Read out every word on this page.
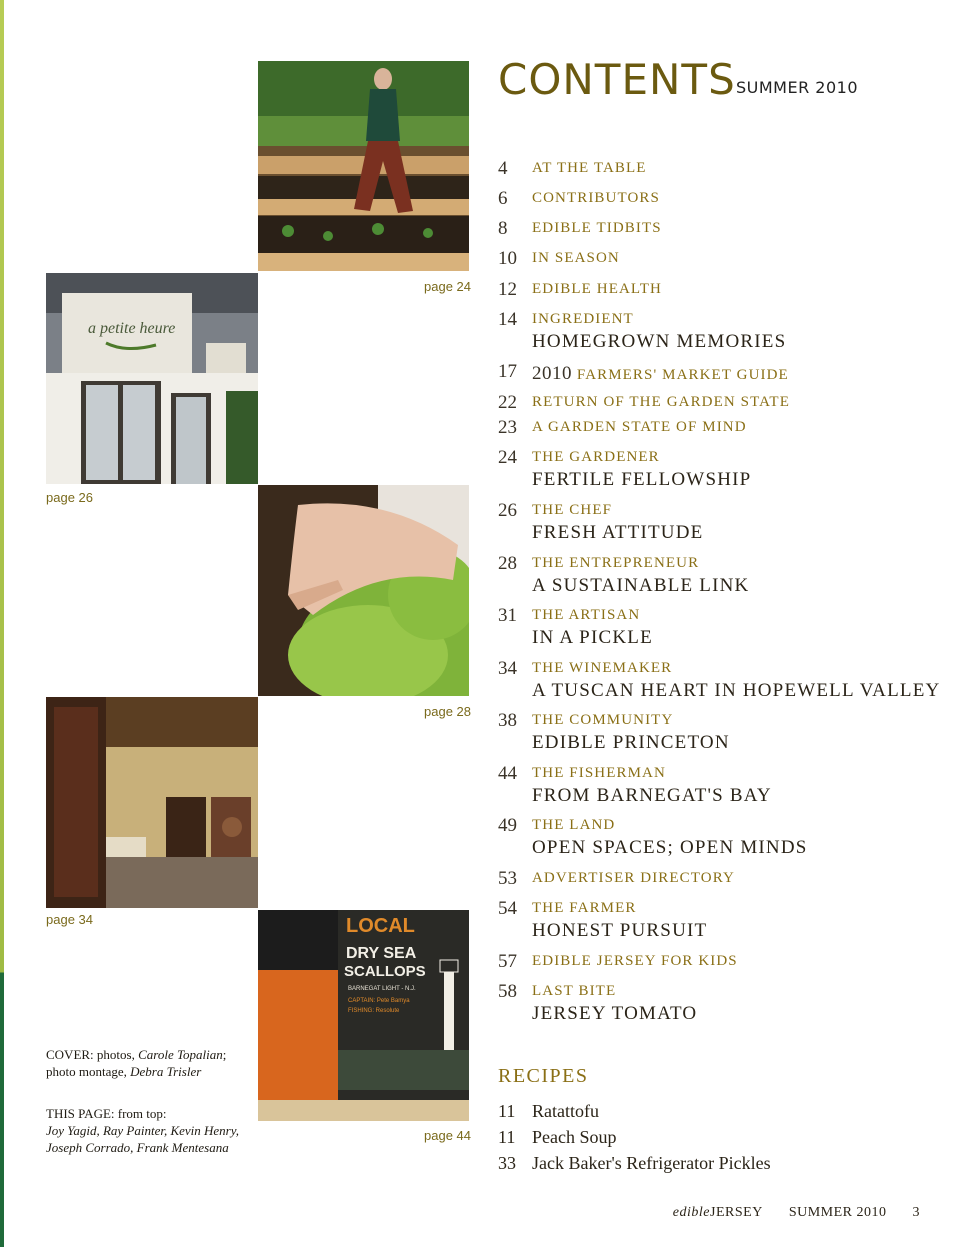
page 24
a petite heure
page 26
page 28
page 34	LOCAL
DRY SEA
SCALLOPS
BARNEGAT LIGHT - N.J.
CAPTAIN: Pete Bamya
FISHING: Resolute
page 44
COVER: photos, Carole Topalian; photo montage, Debra Trisler
THIS PAGE: from top:
Joy Yagid, Ray Painter, Kevin Henry, Joseph Corrado, Frank Mentesana
CONTENTS SUMMER 2010
4 AT THE TABLE
6 CONTRIBUTORS
8 EDIBLE TIDBITS
10 IN SEASON
12 EDIBLE HEALTH
14 INGREDIENT
HOMEGROWN MEMORIES
17 2010 FARMERS' MARKET GUIDE
22 RETURN OF THE GARDEN STATE
23 A GARDEN STATE OF MIND
24 THE GARDENER
FERTILE FELLOWSHIP
26 THE CHEF
FRESH ATTITUDE
28 THE ENTREPRENEUR
A SUSTAINABLE LINK
31 THE ARTISAN
IN A PICKLE
34 THE WINEMAKER
A TUSCAN HEART IN HOPEWELL VALLEY
38 THE COMMUNITY
EDIBLE PRINCETON
44 THE FISHERMAN
FROM BARNEGAT'S BAY
49 THE LAND
OPEN SPACES; OPEN MINDS
53 ADVERTISER DIRECTORY
54 THE FARMER
HONEST PURSUIT
57 EDIBLE JERSEY FOR KIDS
58 LAST BITE
JERSEY TOMATO
RECIPES
11 Ratattofu
11 Peach Soup
33 Jack Baker's Refrigerator Pickles
edibleJERSEY SUMMER 2010 3
